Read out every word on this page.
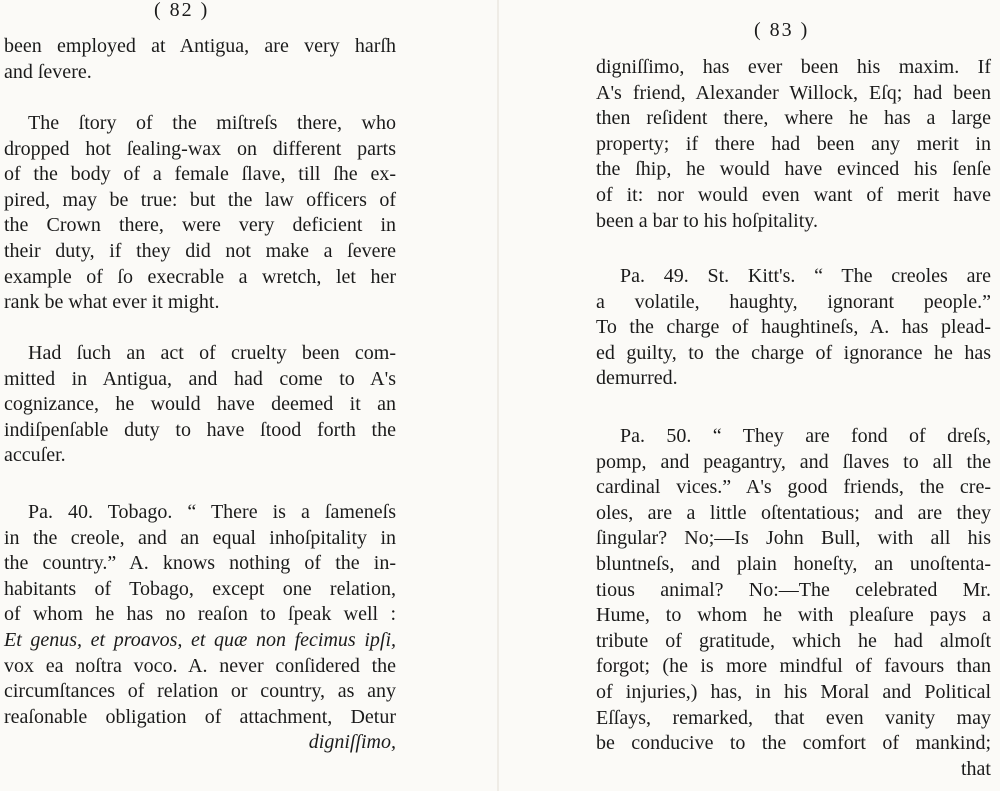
( 82 )
been employed at Antigua, are very harſh
and ſevere.
The ſtory of the miſtreſs there, who
dropped hot ſealing-wax on different parts
of the body of a female ſlave, till ſhe ex-
pired, may be true: but the law officers of
the Crown there, were very deficient in
their duty, if they did not make a ſevere
example of ſo execrable a wretch, let her
rank be what ever it might.
Had ſuch an act of cruelty been com-
mitted in Antigua, and had come to A's
cognizance, he would have deemed it an
indiſpenſable duty to have ſtood forth the
accuſer.
Pa. 40. Tobago. “ There is a ſameneſs
in the creole, and an equal inhoſpitality in
the country.” A. knows nothing of the in-
habitants of Tobago, except one relation,
of whom he has no reaſon to ſpeak well :
Et genus, et proavos, et quæ non fecimus ipſi,
vox ea noſtra voco. A. never conſidered the
circumſtances of relation or country, as any
reaſonable obligation of attachment, Detur
digniſſimo,
( 83 )
digniſſimo, has ever been his maxim. If
A's friend, Alexander Willock, Eſq; had been
then reſident there, where he has a large
property; if there had been any merit in
the ſhip, he would have evinced his ſenſe
of it: nor would even want of merit have
been a bar to his hoſpitality.
Pa. 49. St. Kitt's. “ The creoles are
a volatile, haughty, ignorant people.”
To the charge of haughtineſs, A. has plead-
ed guilty, to the charge of ignorance he has
demurred.
Pa. 50. “ They are fond of dreſs,
pomp, and peagantry, and ſlaves to all the
cardinal vices.” A's good friends, the cre-
oles, are a little oſtentatious; and are they
ſingular? No;—Is John Bull, with all his
bluntneſs, and plain honeſty, an unoſtenta-
tious animal? No:—The celebrated Mr.
Hume, to whom he with pleaſure pays a
tribute of gratitude, which he had almoſt
forgot; (he is more mindful of favours than
of injuries,) has, in his Moral and Political
Eſſays, remarked, that even vanity may
be conducive to the comfort of mankind;
that
